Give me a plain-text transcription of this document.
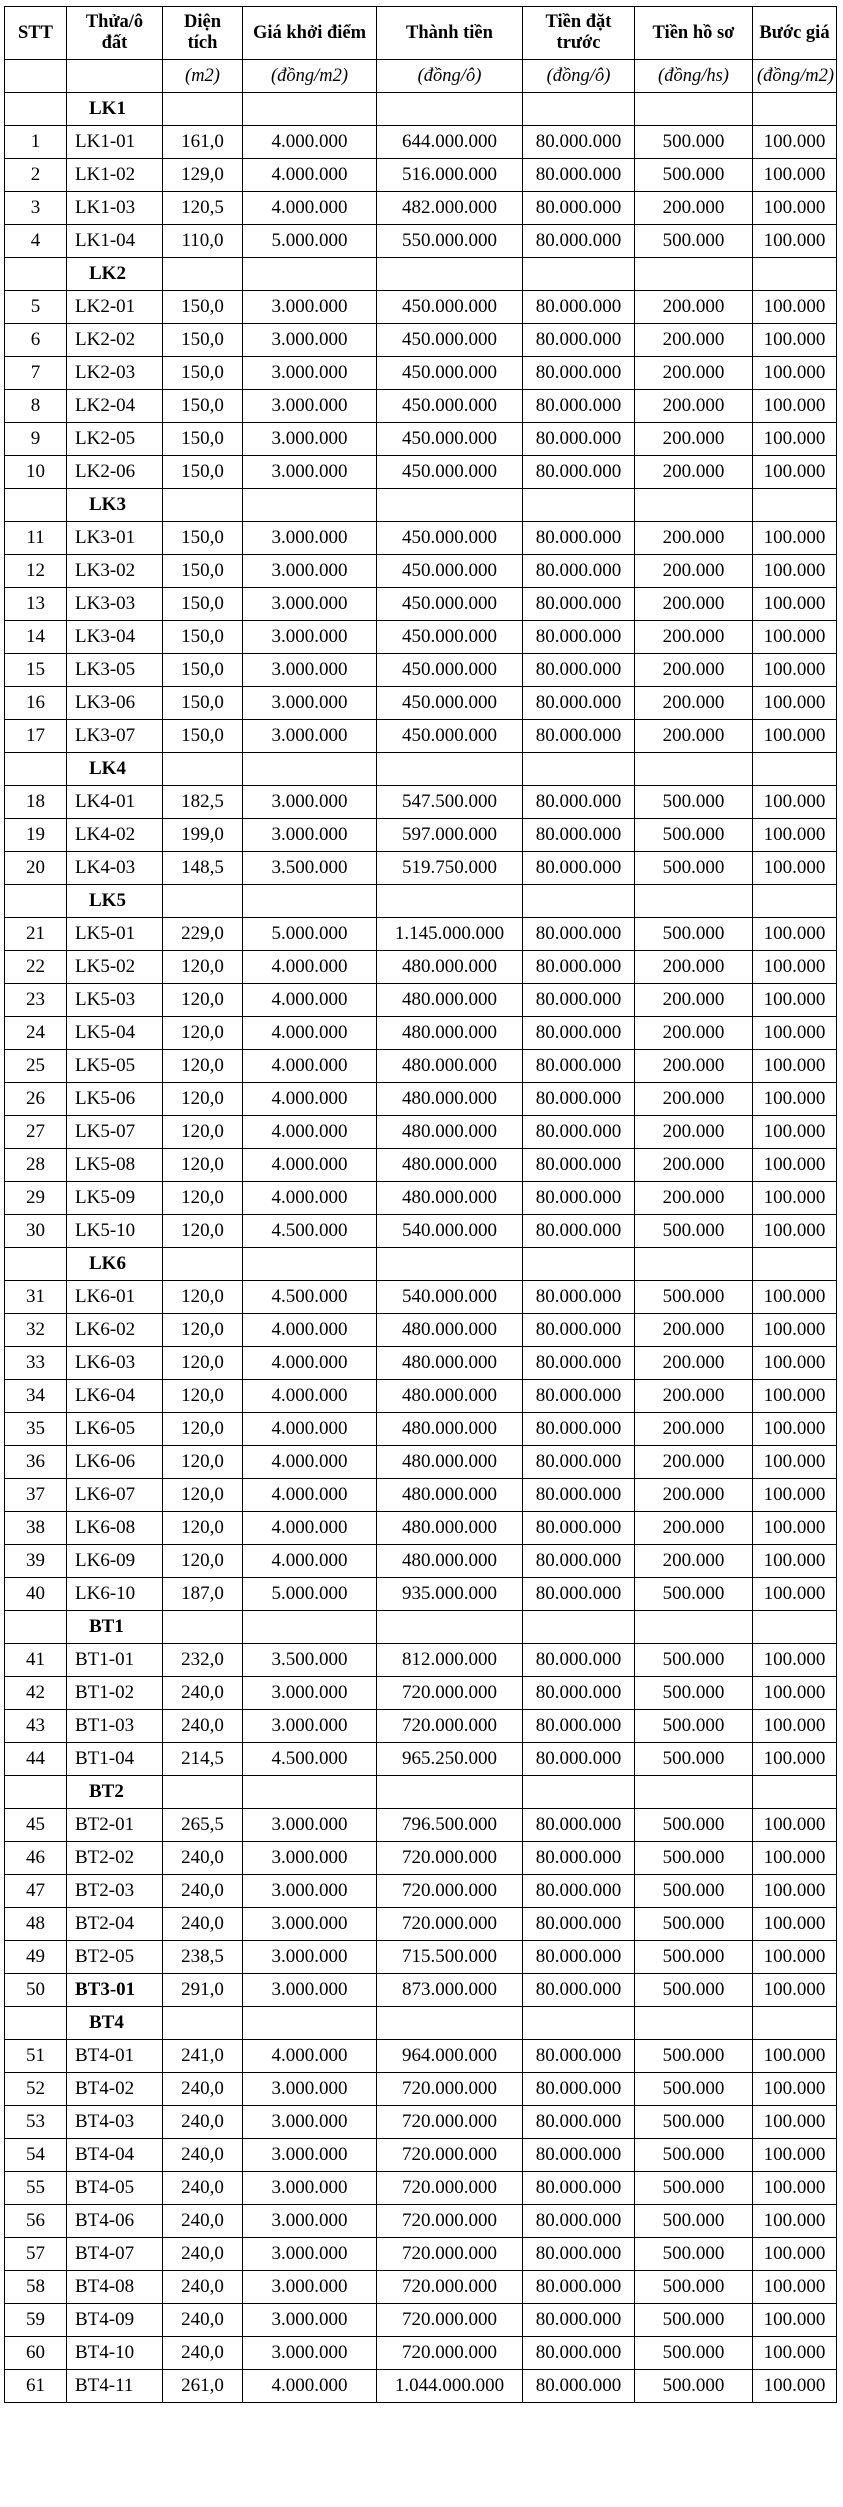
STT	Thửa/ô đất	Diện tích	Giá khởi điểm	Thành tiền	Tiền đặt trước	Tiền hồ sơ	Bước giá
		(m2)	(đồng/m2)	(đồng/ô)	(đồng/ô)	(đồng/hs)	(đồng/m2)
	LK1						
1	LK1-01	161,0	4.000.000	644.000.000	80.000.000	500.000	100.000
2	LK1-02	129,0	4.000.000	516.000.000	80.000.000	500.000	100.000
3	LK1-03	120,5	4.000.000	482.000.000	80.000.000	200.000	100.000
4	LK1-04	110,0	5.000.000	550.000.000	80.000.000	500.000	100.000
	LK2						
5	LK2-01	150,0	3.000.000	450.000.000	80.000.000	200.000	100.000
6	LK2-02	150,0	3.000.000	450.000.000	80.000.000	200.000	100.000
7	LK2-03	150,0	3.000.000	450.000.000	80.000.000	200.000	100.000
8	LK2-04	150,0	3.000.000	450.000.000	80.000.000	200.000	100.000
9	LK2-05	150,0	3.000.000	450.000.000	80.000.000	200.000	100.000
10	LK2-06	150,0	3.000.000	450.000.000	80.000.000	200.000	100.000
	LK3						
11	LK3-01	150,0	3.000.000	450.000.000	80.000.000	200.000	100.000
12	LK3-02	150,0	3.000.000	450.000.000	80.000.000	200.000	100.000
13	LK3-03	150,0	3.000.000	450.000.000	80.000.000	200.000	100.000
14	LK3-04	150,0	3.000.000	450.000.000	80.000.000	200.000	100.000
15	LK3-05	150,0	3.000.000	450.000.000	80.000.000	200.000	100.000
16	LK3-06	150,0	3.000.000	450.000.000	80.000.000	200.000	100.000
17	LK3-07	150,0	3.000.000	450.000.000	80.000.000	200.000	100.000
	LK4						
18	LK4-01	182,5	3.000.000	547.500.000	80.000.000	500.000	100.000
19	LK4-02	199,0	3.000.000	597.000.000	80.000.000	500.000	100.000
20	LK4-03	148,5	3.500.000	519.750.000	80.000.000	500.000	100.000
	LK5						
21	LK5-01	229,0	5.000.000	1.145.000.000	80.000.000	500.000	100.000
22	LK5-02	120,0	4.000.000	480.000.000	80.000.000	200.000	100.000
23	LK5-03	120,0	4.000.000	480.000.000	80.000.000	200.000	100.000
24	LK5-04	120,0	4.000.000	480.000.000	80.000.000	200.000	100.000
25	LK5-05	120,0	4.000.000	480.000.000	80.000.000	200.000	100.000
26	LK5-06	120,0	4.000.000	480.000.000	80.000.000	200.000	100.000
27	LK5-07	120,0	4.000.000	480.000.000	80.000.000	200.000	100.000
28	LK5-08	120,0	4.000.000	480.000.000	80.000.000	200.000	100.000
29	LK5-09	120,0	4.000.000	480.000.000	80.000.000	200.000	100.000
30	LK5-10	120,0	4.500.000	540.000.000	80.000.000	500.000	100.000
	LK6						
31	LK6-01	120,0	4.500.000	540.000.000	80.000.000	500.000	100.000
32	LK6-02	120,0	4.000.000	480.000.000	80.000.000	200.000	100.000
33	LK6-03	120,0	4.000.000	480.000.000	80.000.000	200.000	100.000
34	LK6-04	120,0	4.000.000	480.000.000	80.000.000	200.000	100.000
35	LK6-05	120,0	4.000.000	480.000.000	80.000.000	200.000	100.000
36	LK6-06	120,0	4.000.000	480.000.000	80.000.000	200.000	100.000
37	LK6-07	120,0	4.000.000	480.000.000	80.000.000	200.000	100.000
38	LK6-08	120,0	4.000.000	480.000.000	80.000.000	200.000	100.000
39	LK6-09	120,0	4.000.000	480.000.000	80.000.000	200.000	100.000
40	LK6-10	187,0	5.000.000	935.000.000	80.000.000	500.000	100.000
	BT1						
41	BT1-01	232,0	3.500.000	812.000.000	80.000.000	500.000	100.000
42	BT1-02	240,0	3.000.000	720.000.000	80.000.000	500.000	100.000
43	BT1-03	240,0	3.000.000	720.000.000	80.000.000	500.000	100.000
44	BT1-04	214,5	4.500.000	965.250.000	80.000.000	500.000	100.000
	BT2						
45	BT2-01	265,5	3.000.000	796.500.000	80.000.000	500.000	100.000
46	BT2-02	240,0	3.000.000	720.000.000	80.000.000	500.000	100.000
47	BT2-03	240,0	3.000.000	720.000.000	80.000.000	500.000	100.000
48	BT2-04	240,0	3.000.000	720.000.000	80.000.000	500.000	100.000
49	BT2-05	238,5	3.000.000	715.500.000	80.000.000	500.000	100.000
50	BT3-01	291,0	3.000.000	873.000.000	80.000.000	500.000	100.000
	BT4						
51	BT4-01	241,0	4.000.000	964.000.000	80.000.000	500.000	100.000
52	BT4-02	240,0	3.000.000	720.000.000	80.000.000	500.000	100.000
53	BT4-03	240,0	3.000.000	720.000.000	80.000.000	500.000	100.000
54	BT4-04	240,0	3.000.000	720.000.000	80.000.000	500.000	100.000
55	BT4-05	240,0	3.000.000	720.000.000	80.000.000	500.000	100.000
56	BT4-06	240,0	3.000.000	720.000.000	80.000.000	500.000	100.000
57	BT4-07	240,0	3.000.000	720.000.000	80.000.000	500.000	100.000
58	BT4-08	240,0	3.000.000	720.000.000	80.000.000	500.000	100.000
59	BT4-09	240,0	3.000.000	720.000.000	80.000.000	500.000	100.000
60	BT4-10	240,0	3.000.000	720.000.000	80.000.000	500.000	100.000
61	BT4-11	261,0	4.000.000	1.044.000.000	80.000.000	500.000	100.000
